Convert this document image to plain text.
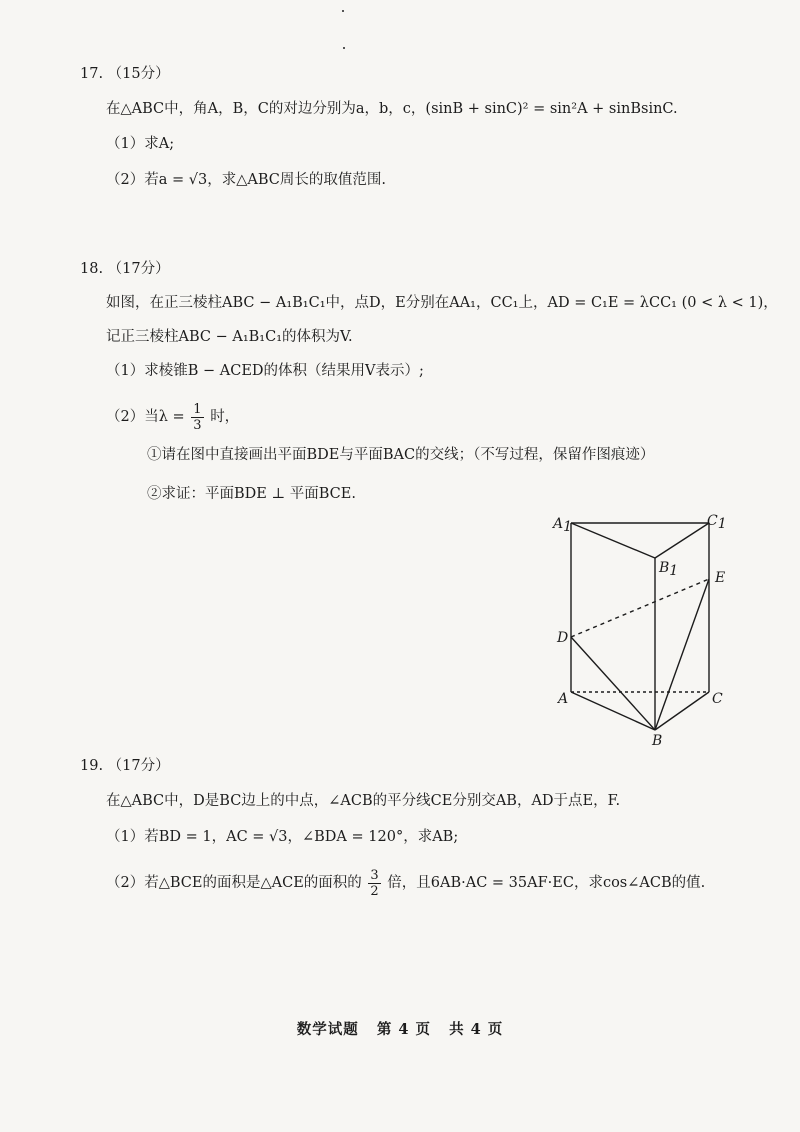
17. （15分）
在△ABC中，角A，B，C的对边分别为a，b，c，(sinB + sinC)² = sin²A + sinBsinC.
（1）求A;
（2）若a = √3，求△ABC周长的取值范围.
18. （17分）
如图，在正三棱柱ABC − A₁B₁C₁中，点D，E分别在AA₁，CC₁上，AD = C₁E = λCC₁ (0 < λ < 1)，
记正三棱柱ABC − A₁B₁C₁的体积为V.
（1）求棱锥B − ACED的体积（结果用V表示）;
（2）当$\lambda = \frac{1}{3}$ 时，
①请在图中直接画出平面BDE与平面BAC的交线；（不写过程，保留作图痕迹）
②求证：平面BDE ⊥ 平面BCE.
A1	C1
B1	E
D
A	C
B
19. （17分）
在△ABC中，D是BC边上的中点，∠ACB的平分线CE分别交AB，AD于点E，F.
（1）若BD = 1，AC = √3，∠BDA = 120°，求AB;
（2）若△BCE的面积是△ACE的面积的 $\frac{3}{2}$ 倍，且6AB·AC = 35AF·EC，求cos∠ACB的值.
数学试题 第 4 页 共 4 页
